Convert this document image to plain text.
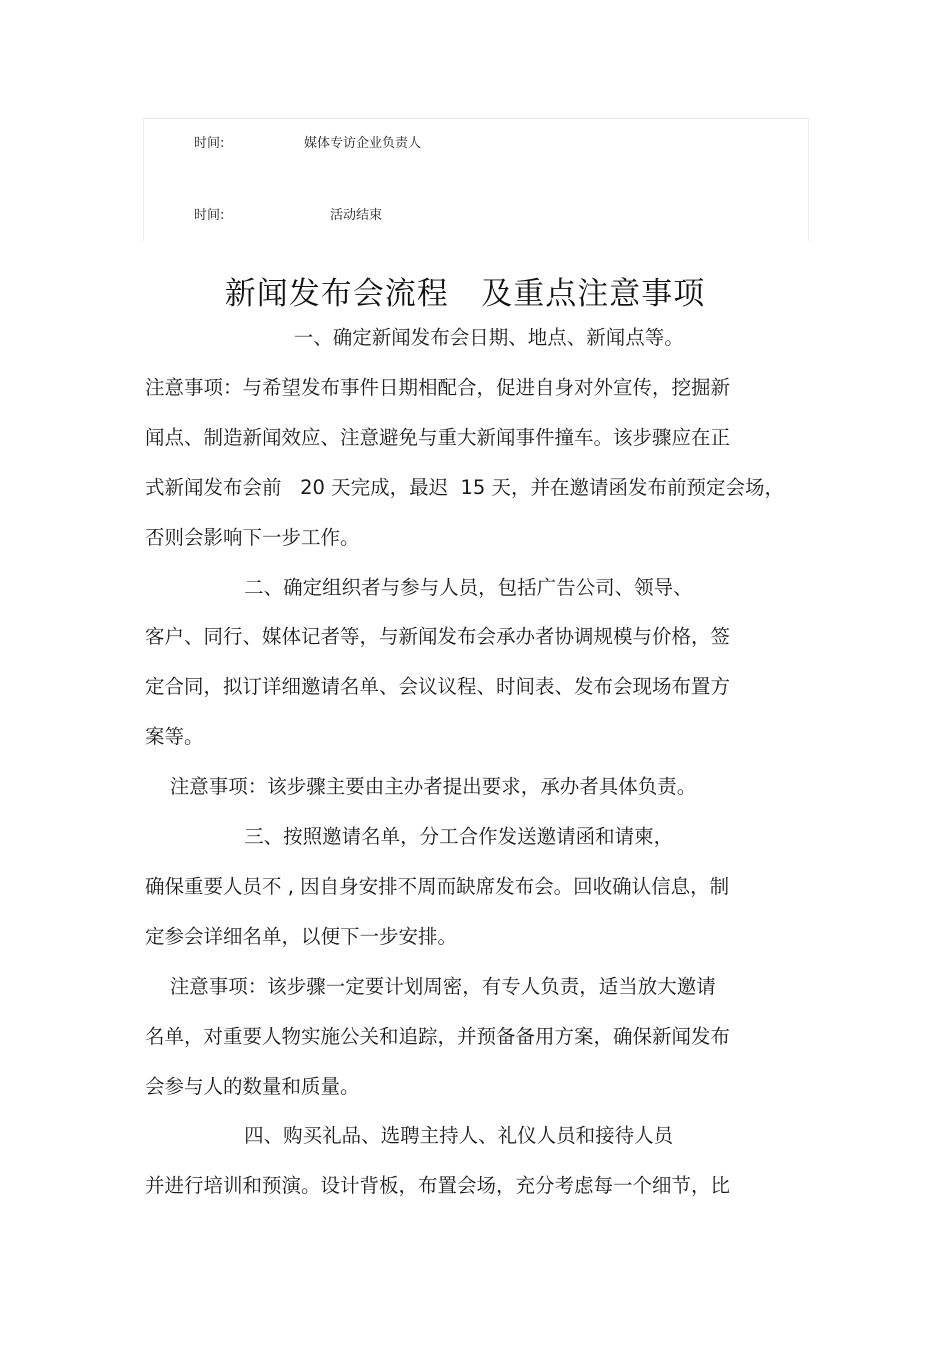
时间:	媒体专访企业负责人
时间:	活动结束
新闻发布会流程   及重点注意事项
一、确定新闻发布会日期、地点、新闻点等。
注意事项：与希望发布事件日期相配合，促进自身对外宣传，挖掘新
闻点、制造新闻效应、注意避免与重大新闻事件撞车。该步骤应在正
式新闻发布会前   20 天完成，最迟  15 天，并在邀请函发布前预定会场，
否则会影响下一步工作。
二、确定组织者与参与人员，包括广告公司、领导、
客户、同行、媒体记者等，与新闻发布会承办者协调规模与价格，签
定合同，拟订详细邀请名单、会议议程、时间表、发布会现场布置方
案等。
注意事项：该步骤主要由主办者提出要求，承办者具体负责。
三、按照邀请名单，分工合作发送邀请函和请柬，
确保重要人员不 , 因自身安排不周而缺席发布会。回收确认信息，制
定参会详细名单，以便下一步安排。
注意事项：该步骤一定要计划周密，有专人负责，适当放大邀请
名单，对重要人物实施公关和追踪，并预备备用方案，确保新闻发布
会参与人的数量和质量。
四、购买礼品、选聘主持人、礼仪人员和接待人员
并进行培训和预演。设计背板，布置会场，充分考虑每一个细节，比
